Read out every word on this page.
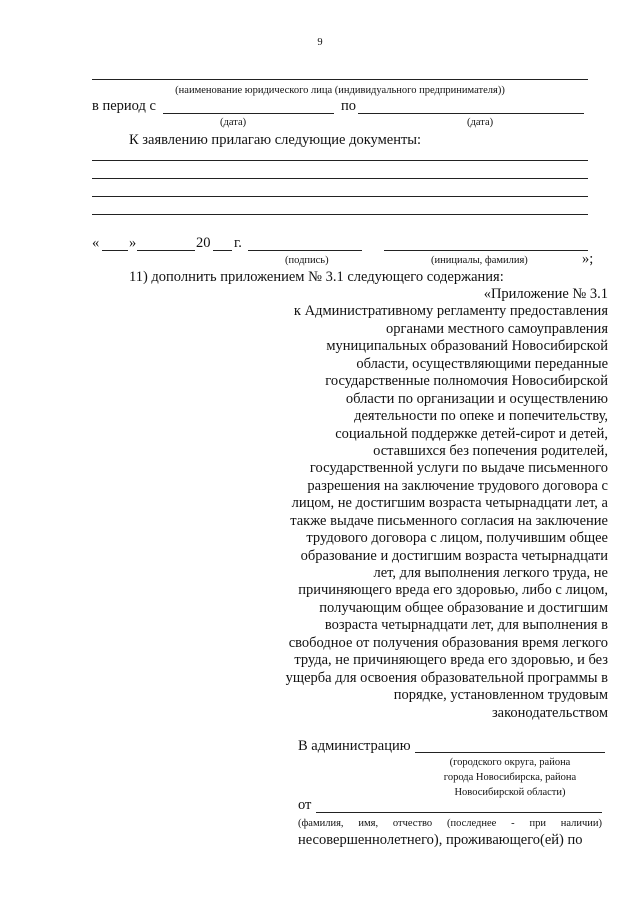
9
(наименование юридического лица (индивидуального предпринимателя))
в период с	по
(дата)	(дата)
К заявлению прилагаю следующие документы:
« »	20 г.
(подпись)	(инициалы, фамилия)	»;
11) дополнить приложением № 3.1 следующего содержания:
«Приложение № 3.1
к Административному регламенту предоставления
органами местного самоуправления
муниципальных образований Новосибирской
области, осуществляющими переданные
государственные полномочия Новосибирской
области по организации и осуществлению
деятельности по опеке и попечительству,
социальной поддержке детей-сирот и детей,
оставшихся без попечения родителей,
государственной услуги по выдаче письменного
разрешения на заключение трудового договора с
лицом, не достигшим возраста четырнадцати лет, а
также выдаче письменного согласия на заключение
трудового договора с лицом, получившим общее
образование и достигшим возраста четырнадцати
лет, для выполнения легкого труда, не
причиняющего вреда его здоровью, либо с лицом,
получающим общее образование и достигшим
возраста четырнадцати лет, для выполнения в
свободное от получения образования время легкого
труда, не причиняющего вреда его здоровью, и без
ущерба для освоения образовательной программы в
порядке, установленном трудовым
законодательством
В администрацию
(городского округа, района
города Новосибирска, района
Новосибирской области)
от
(фамилия, имя, отчество (последнее - при наличии)
несовершеннолетнего), проживающего(ей) по
